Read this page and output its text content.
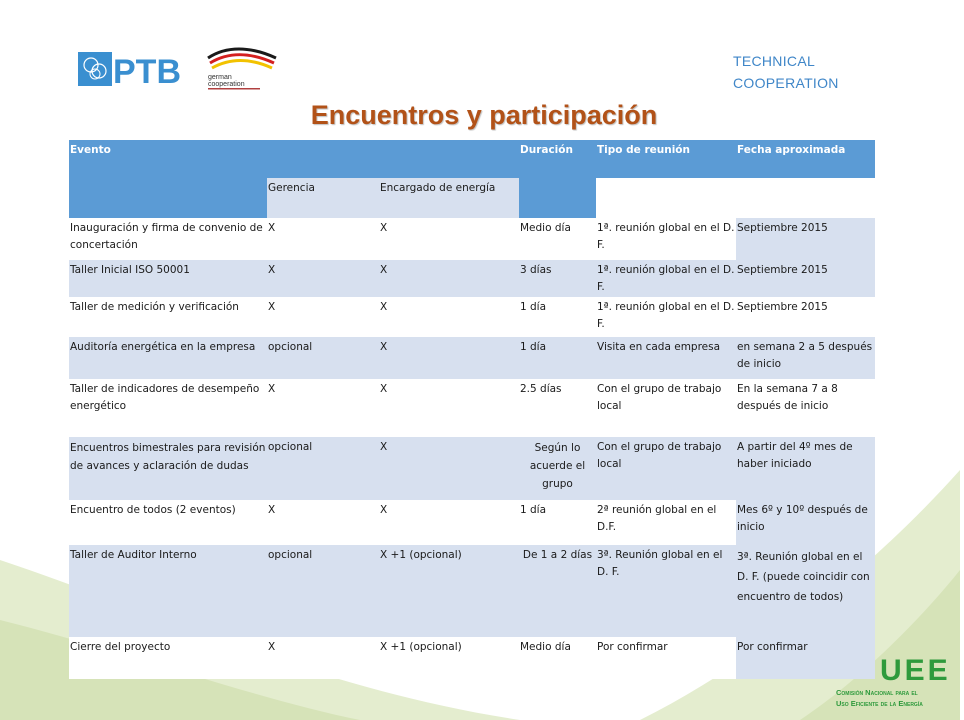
PTB	german
cooperation
TECHNICAL
COOPERATION
Encuentros y participación
Evento			Duración	Tipo de reunión	Fecha aproximada
	Gerencia	Encargado de energía			
Inauguración y firma de convenio de concertación	X	X	Medio día	1ª. reunión global en el D. F.	Septiembre 2015
Taller Inicial ISO 50001	X	X	3 días	1ª. reunión global en el D. F.	Septiembre 2015
Taller de medición y verificación	X	X	1 día	1ª. reunión global en el D. F.	Septiembre 2015
Auditoría energética en la empresa	opcional	X	1 día	Visita en cada empresa	en semana 2 a 5 después de inicio
Taller de indicadores de desempeño energético	X	X	2.5 días	Con el grupo de trabajo local	En la semana 7 a 8 después de inicio
Encuentros bimestrales para revisión de avances y aclaración de dudas	opcional	X	Según lo acuerde el grupo	Con el grupo de trabajo local	A partir del 4º mes de haber iniciado
Encuentro de todos (2 eventos)	X	X	1 día	2ª reunión global en el D.F.	Mes 6º y 10º después de inicio
Taller de Auditor Interno	opcional	X +1 (opcional)	De 1 a 2 días	3ª. Reunión global en el D. F.	3ª. Reunión global en el D. F. (puede coincidir con encuentro de todos)
Cierre del proyecto	X	X +1 (opcional)	Medio día	Por confirmar	Por confirmar
UEE
Comisión Nacional para el
Uso Eficiente de la Energía
